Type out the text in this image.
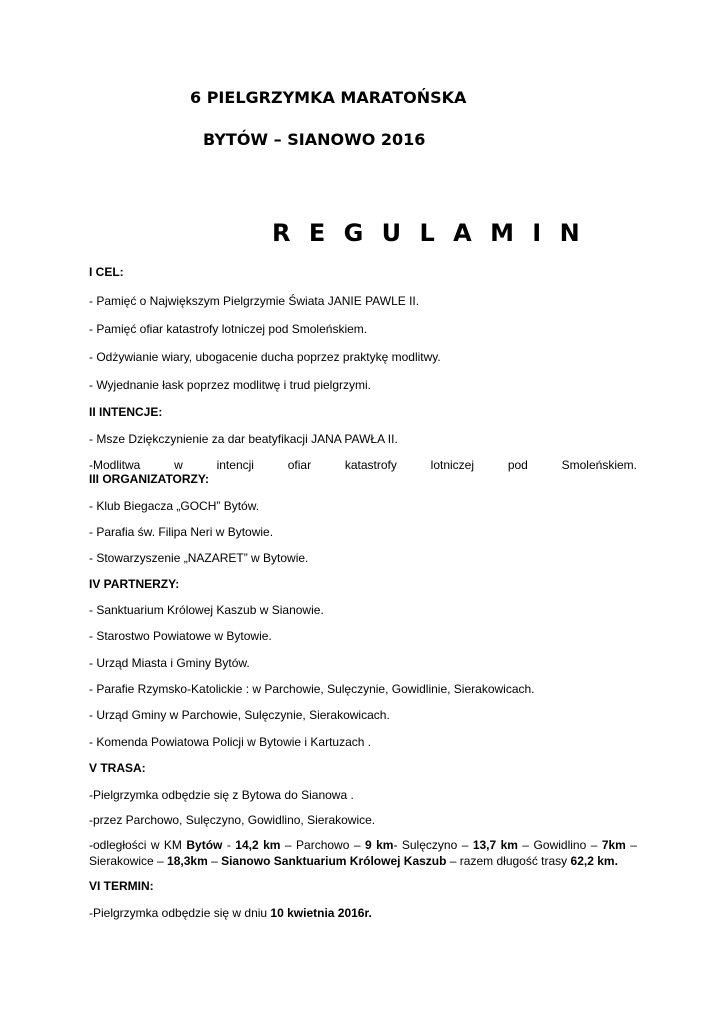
6 PIELGRZYMKA MARATOŃSKA
BYTÓW – SIANOWO 2016
R E G U L A M I N
I CEL:
- Pamięć o Największym Pielgrzymie Świata JANIE PAWLE II.
- Pamięć ofiar katastrofy lotniczej pod Smoleńskiem.
- Odżywianie wiary, ubogacenie ducha poprzez praktykę modlitwy.
- Wyjednanie łask poprzez modlitwę i trud pielgrzymi.
II INTENCJE:
- Msze Dziękczynienie za dar beatyfikacji JANA PAWŁA II.
-Modlitwa	w	intencji	ofiar	katastrofy	lotniczej	pod	Smoleńskiem.
III ORGANIZATORZY:
- Klub Biegacza „GOCH” Bytów.
- Parafia św. Filipa Neri w Bytowie.
- Stowarzyszenie „NAZARET” w Bytowie.
IV PARTNERZY:
- Sanktuarium Królowej Kaszub w Sianowie.
- Starostwo Powiatowe w Bytowie.
- Urząd Miasta i Gminy Bytów.
- Parafie Rzymsko-Katolickie : w Parchowie, Sulęczynie, Gowidlinie, Sierakowicach.
- Urząd Gminy w Parchowie, Sulęczynie, Sierakowicach.
- Komenda Powiatowa Policji w Bytowie i Kartuzach .
V TRASA:
-Pielgrzymka odbędzie się z Bytowa do Sianowa .
-przez Parchowo, Sulęczyno, Gowidlino, Sierakowice.
-odległości w KM Bytów - 14,2 km – Parchowo – 9 km- Sulęczyno – 13,7 km – Gowidlino – 7km – Sierakowice – 18,3km – Sianowo Sanktuarium Królowej Kaszub – razem długość trasy 62,2 km.
VI TERMIN:
-Pielgrzymka odbędzie się w dniu 10 kwietnia 2016r.
